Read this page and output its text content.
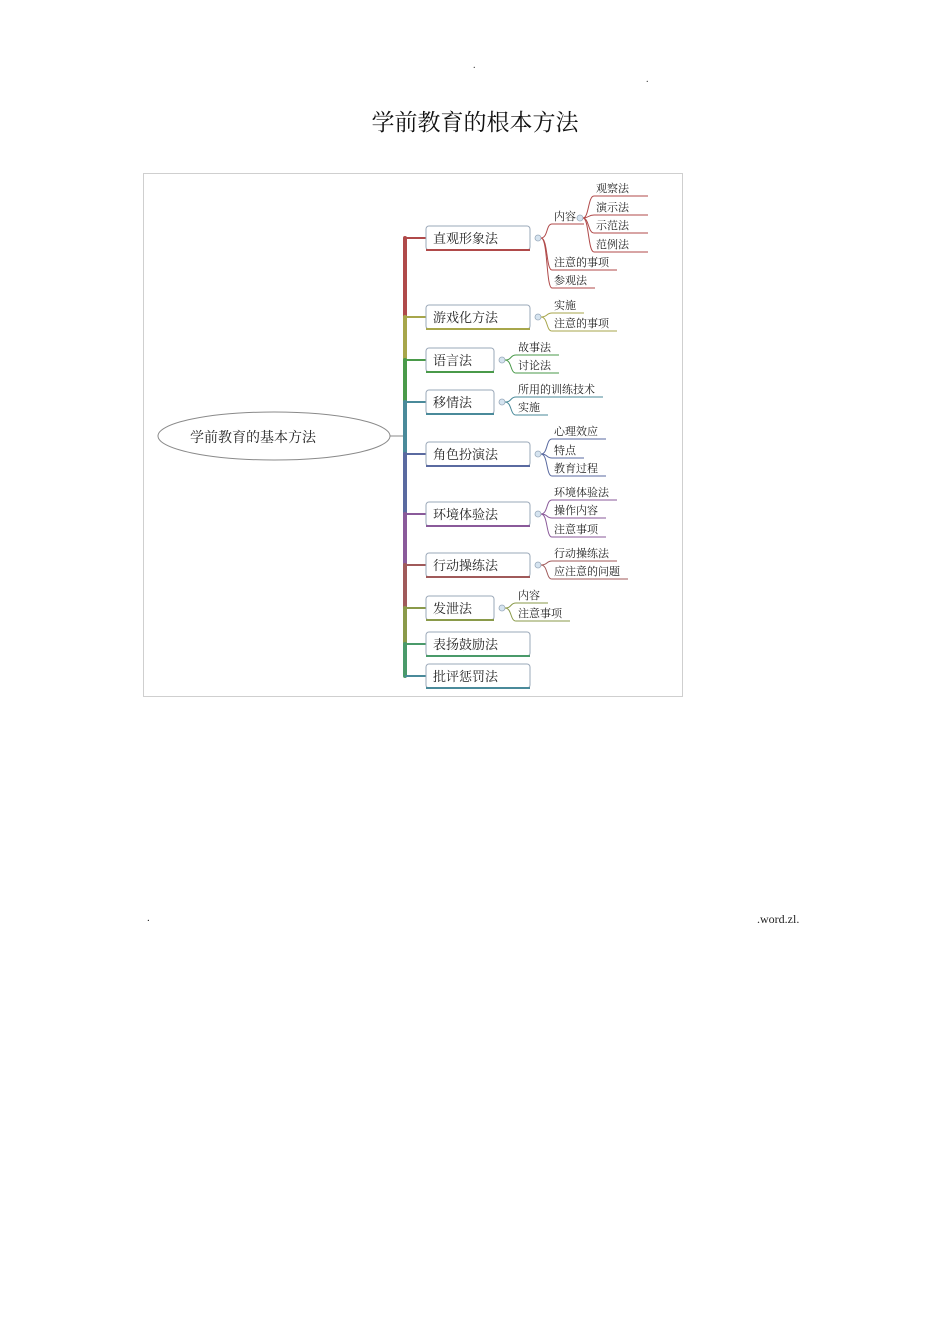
.
.
学前教育的根本方法
学前教育的基本方法
直观形象法
内容
观察法
演示法
示范法
范例法
注意的事项
参观法
游戏化方法
实施
注意的事项
语言法
故事法
讨论法
移情法
所用的训练技术
实施
角色扮演法
心理效应
特点
教育过程
环境体验法
环境体验法
操作内容
注意事项
行动操练法
行动操练法
应注意的问题
发泄法
内容
注意事项
表扬鼓励法
批评惩罚法
.	.word.zl.
